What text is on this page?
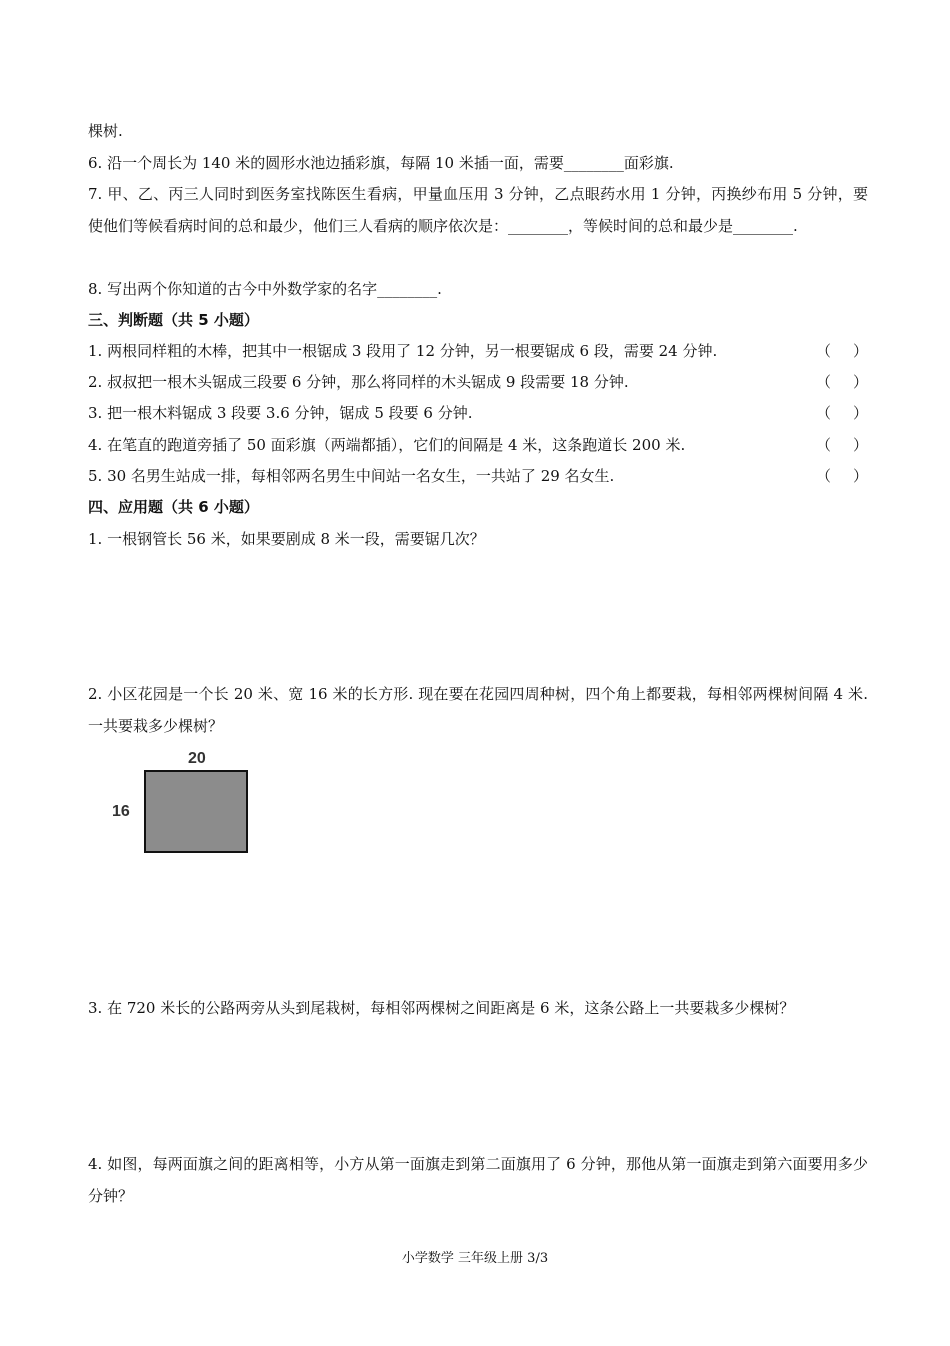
棵树.
6. 沿一个周长为 140 米的圆形水池边插彩旗，每隔 10 米插一面，需要________面彩旗.
7. 甲、乙、丙三人同时到医务室找陈医生看病，甲量血压用 3 分钟，乙点眼药水用 1 分钟，丙换纱布用 5 分钟，要使他们等候看病时间的总和最少，他们三人看病的顺序依次是：________，等候时间的总和最少是________.
8. 写出两个你知道的古今中外数学家的名字________.
三、判断题（共 5 小题）
1. 两根同样粗的木棒，把其中一根锯成 3 段用了 12 分钟，另一根要锯成 6 段，需要 24 分钟.	（ ）
2. 叔叔把一根木头锯成三段要 6 分钟，那么将同样的木头锯成 9 段需要 18 分钟.	（ ）
3. 把一根木料锯成 3 段要 3.6 分钟，锯成 5 段要 6 分钟.	（ ）
4. 在笔直的跑道旁插了 50 面彩旗（两端都插），它们的间隔是 4 米，这条跑道长 200 米.	（ ）
5. 30 名男生站成一排，每相邻两名男生中间站一名女生，一共站了 29 名女生.	（ ）
四、应用题（共 6 小题）
1. 一根钢管长 56 米，如果要剧成 8 米一段，需要锯几次？
2. 小区花园是一个长 20 米、宽 16 米的长方形. 现在要在花园四周种树，四个角上都要栽，每相邻两棵树间隔 4 米. 一共要栽多少棵树？
20
16
3. 在 720 米长的公路两旁从头到尾栽树，每相邻两棵树之间距离是 6 米，这条公路上一共要栽多少棵树？
4. 如图，每两面旗之间的距离相等，小方从第一面旗走到第二面旗用了 6 分钟，那他从第一面旗走到第六面要用多少分钟？
小学数学 三年级上册 3/3
